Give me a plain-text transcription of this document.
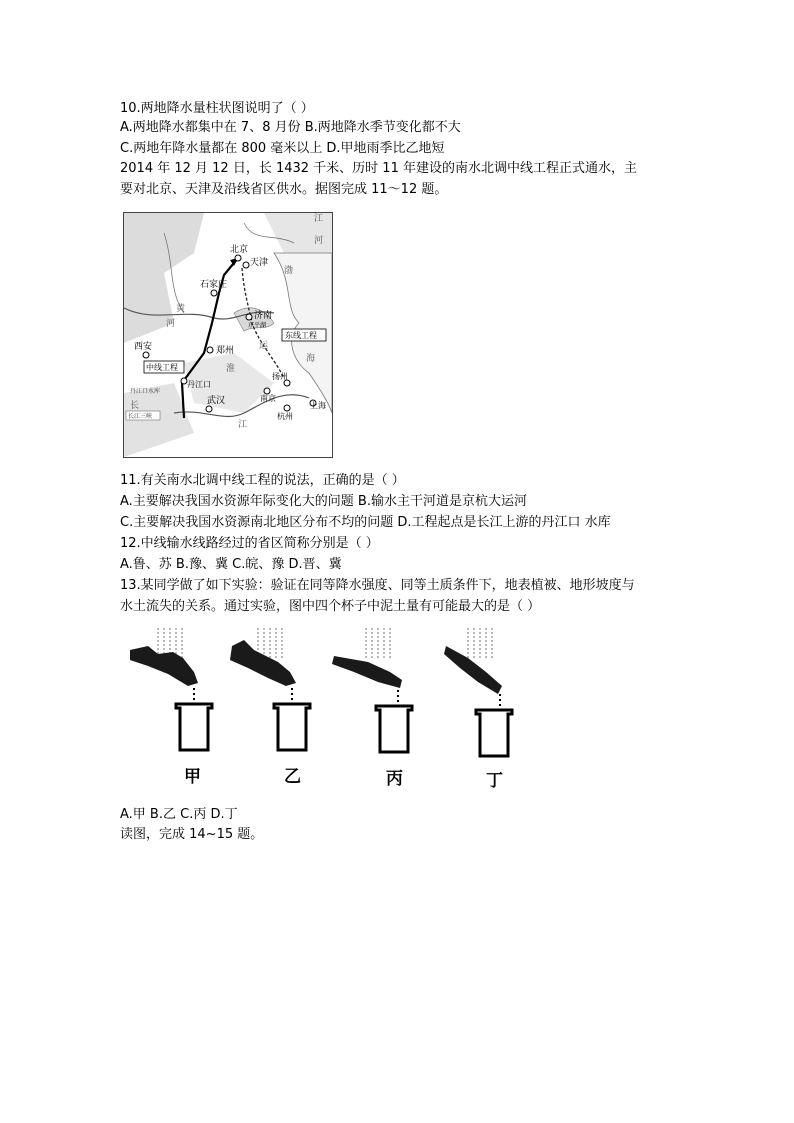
10.两地降水量柱状图说明了（ ）
A.两地降水都集中在 7、8 月份 B.两地降水季节变化都不大
C.两地年降水量都在 800 毫米以上 D.甲地雨季比乙地短
2014 年 12 月 12 日，长 1432 千米、历时 11 年建设的南水北调中线工程正式通水，主
要对北京、天津及沿线省区供水。据图完成 11～12 题。
北京
天津
石家庄
济南
郑州
西安
丹江口
武汉	南京
扬州
上海
杭州
东平湖
中线工程
东线工程
丹江口水库
长江三峡
黄
河
淮
运
长
江
海
渤
江
河
11.有关南水北调中线工程的说法，正确的是（ ）
A.主要解决我国水资源年际变化大的问题 B.输水主干河道是京杭大运河
C.主要解决我国水资源南北地区分布不均的问题 D.工程起点是长江上游的丹江口 水库
12.中线输水线路经过的省区简称分别是（ ）
A.鲁、苏 B.豫、冀 C.皖、豫 D.晋、冀
13.某同学做了如下实验：验证在同等降水强度、同等土质条件下，地表植被、地形坡度与
水土流失的关系。通过实验，图中四个杯子中泥土量有可能最大的是（ ）
甲	乙	丙	丁
A.甲 B.乙 C.丙 D.丁
读图，完成 14~15 题。
